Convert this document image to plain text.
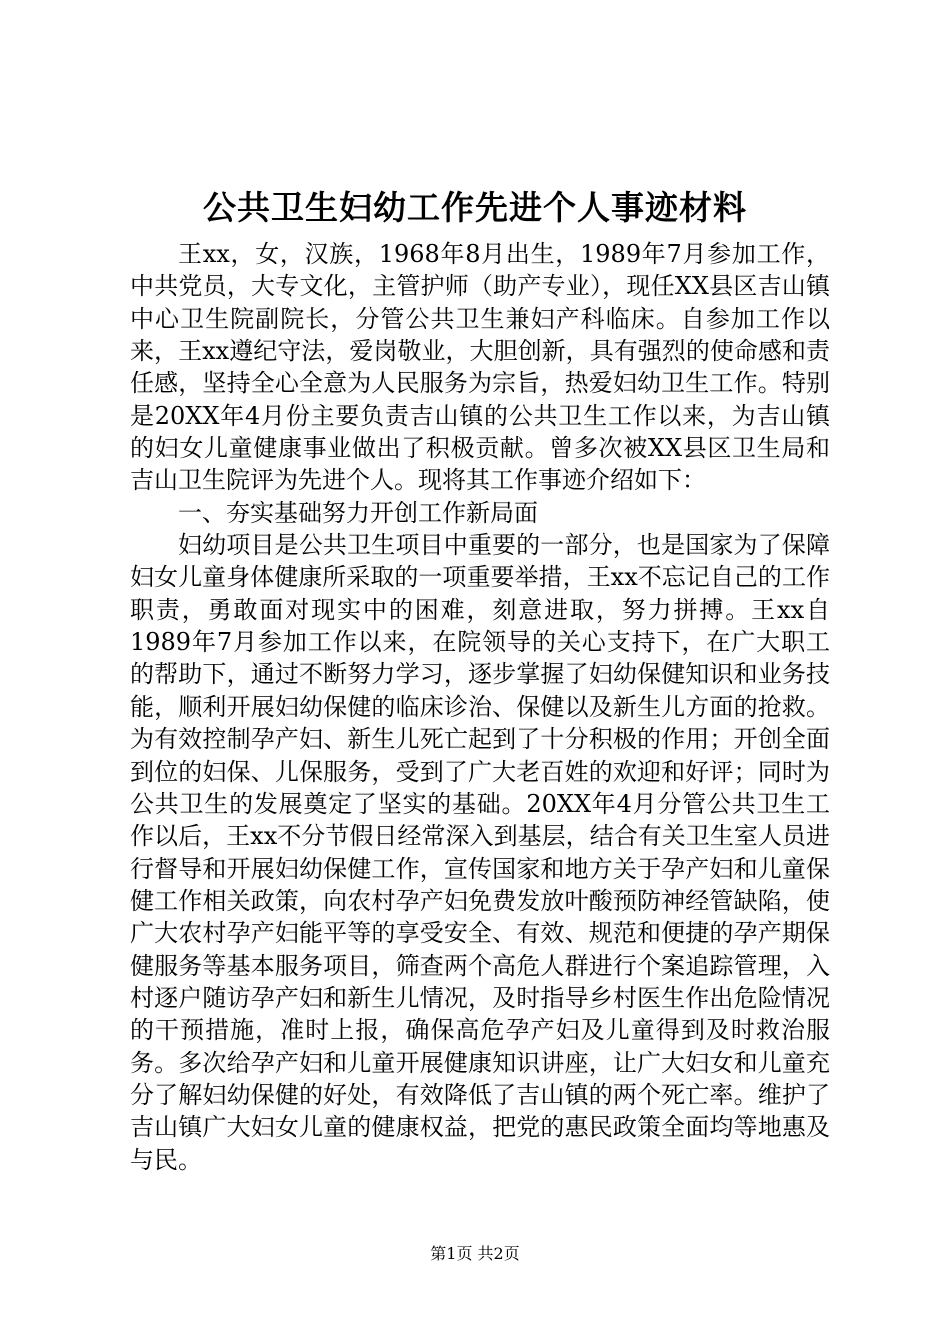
公共卫生妇幼工作先进个人事迹材料

王xx，女，汉族，1968年8月出生，1989年7月参加工作，中共党员，大专文化，主管护师（助产专业），现任XX县区吉山镇中心卫生院副院长，分管公共卫生兼妇产科临床。自参加工作以来，王xx遵纪守法，爱岗敬业，大胆创新，具有强烈的使命感和责任感，坚持全心全意为人民服务为宗旨，热爱妇幼卫生工作。特别是20XX年4月份主要负责吉山镇的公共卫生工作以来，为吉山镇的妇女儿童健康事业做出了积极贡献。曾多次被XX县区卫生局和吉山卫生院评为先进个人。现将其工作事迹介绍如下：

一、夯实基础努力开创工作新局面

妇幼项目是公共卫生项目中重要的一部分，也是国家为了保障妇女儿童身体健康所采取的一项重要举措，王xx不忘记自己的工作职责，勇敢面对现实中的困难，刻意进取，努力拼搏。王xx自1989年7月参加工作以来，在院领导的关心支持下，在广大职工的帮助下，通过不断努力学习，逐步掌握了妇幼保健知识和业务技能，顺利开展妇幼保健的临床诊治、保健以及新生儿方面的抢救。为有效控制孕产妇、新生儿死亡起到了十分积极的作用；开创全面到位的妇保、儿保服务，受到了广大老百姓的欢迎和好评；同时为公共卫生的发展奠定了坚实的基础。20XX年4月分管公共卫生工作以后，王xx不分节假日经常深入到基层，结合有关卫生室人员进行督导和开展妇幼保健工作，宣传国家和地方关于孕产妇和儿童保健工作相关政策，向农村孕产妇免费发放叶酸预防神经管缺陷，使广大农村孕产妇能平等的享受安全、有效、规范和便捷的孕产期保健服务等基本服务项目，筛查两个高危人群进行个案追踪管理，入村逐户随访孕产妇和新生儿情况，及时指导乡村医生作出危险情况的干预措施，准时上报，确保高危孕产妇及儿童得到及时救治服务。多次给孕产妇和儿童开展健康知识讲座，让广大妇女和儿童充分了解妇幼保健的好处，有效降低了吉山镇的两个死亡率。维护了吉山镇广大妇女儿童的健康权益，把党的惠民政策全面均等地惠及与民。

第1页 共2页
